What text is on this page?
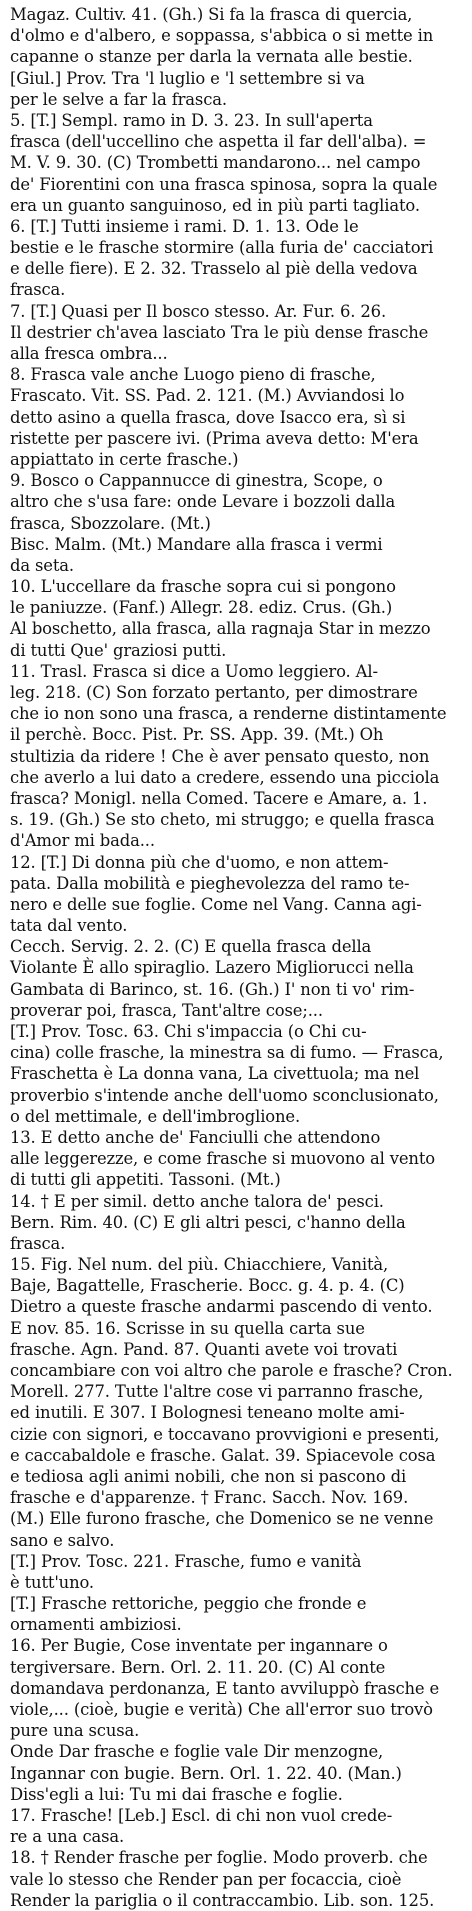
Magaz. Cultiv. 41. (Gh.) Si fa la frasca di quercia,
d'olmo e d'albero, e soppassa, s'abbica o si mette in
capanne o stanze per darla la vernata alle bestie.
[Giul.] Prov. Tra 'l luglio e 'l settembre si va
per le selve a far la frasca.
5. [T.] Sempl. ramo in D. 3. 23. In sull'aperta
frasca (dell'uccellino che aspetta il far dell'alba). =
M. V. 9. 30. (C) Trombetti mandarono... nel campo
de' Fiorentini con una frasca spinosa, sopra la quale
era un guanto sanguinoso, ed in più parti tagliato.
6. [T.] Tutti insieme i rami. D. 1. 13. Ode le
bestie e le frasche stormire (alla furia de' cacciatori
e delle fiere). E 2. 32. Trasselo al piè della vedova
frasca.
7. [T.] Quasi per Il bosco stesso. Ar. Fur. 6. 26.
Il destrier ch'avea lasciato Tra le più dense frasche
alla fresca ombra...
8. Frasca vale anche Luogo pieno di frasche,
Frascato. Vit. SS. Pad. 2. 121. (M.) Avviandosi lo
detto asino a quella frasca, dove Isacco era, sì si
ristette per pascere ivi. (Prima aveva detto: M'era
appiattato in certe frasche.)
9. Bosco o Cappannucce di ginestra, Scope, o
altro che s'usa fare: onde Levare i bozzoli dalla
frasca, Sbozzolare. (Mt.)
Bisc. Malm. (Mt.) Mandare alla frasca i vermi
da seta.
10. L'uccellare da frasche sopra cui si pongono
le paniuzze. (Fanf.) Allegr. 28. ediz. Crus. (Gh.)
Al boschetto, alla frasca, alla ragnaja Star in mezzo
di tutti Que' graziosi putti.
11. Trasl. Frasca si dice a Uomo leggiero. Al-
leg. 218. (C) Son forzato pertanto, per dimostrare
che io non sono una frasca, a renderne distintamente
il perchè. Bocc. Pist. Pr. SS. App. 39. (Mt.) Oh
stultizia da ridere ! Che è aver pensato questo, non
che averlo a lui dato a credere, essendo una picciola
frasca? Monigl. nella Comed. Tacere e Amare, a. 1.
s. 19. (Gh.) Se sto cheto, mi struggo; e quella frasca
d'Amor mi bada...
12. [T.] Di donna più che d'uomo, e non attem-
pata. Dalla mobilità e pieghevolezza del ramo te-
nero e delle sue foglie. Come nel Vang. Canna agi-
tata dal vento.
Cecch. Servig. 2. 2. (C) E quella frasca della
Violante È allo spiraglio. Lazero Migliorucci nella
Gambata di Barinco, st. 16. (Gh.) I' non ti vo' rim-
proverar poi, frasca, Tant'altre cose;...
[T.] Prov. Tosc. 63. Chi s'impaccia (o Chi cu-
cina) colle frasche, la minestra sa di fumo. — Frasca,
Fraschetta è La donna vana, La civettuola; ma nel
proverbio s'intende anche dell'uomo sconclusionato,
o del mettimale, e dell'imbroglione.
13. E detto anche de' Fanciulli che attendono
alle leggerezze, e come frasche si muovono al vento
di tutti gli appetiti. Tassoni. (Mt.)
14. † E per simil. detto anche talora de' pesci.
Bern. Rim. 40. (C) E gli altri pesci, c'hanno della
frasca.
15. Fig. Nel num. del più. Chiacchiere, Vanità,
Baje, Bagattelle, Frascherie. Bocc. g. 4. p. 4. (C)
Dietro a queste frasche andarmi pascendo di vento.
E nov. 85. 16. Scrisse in su quella carta sue
frasche. Agn. Pand. 87. Quanti avete voi trovati
concambiare con voi altro che parole e frasche? Cron.
Morell. 277. Tutte l'altre cose vi parranno frasche,
ed inutili. E 307. I Bolognesi teneano molte ami-
cizie con signori, e toccavano provvigioni e presenti,
e caccabaldole e frasche. Galat. 39. Spiacevole cosa
e tediosa agli animi nobili, che non si pascono di
frasche e d'apparenze. † Franc. Sacch. Nov. 169.
(M.) Elle furono frasche, che Domenico se ne venne
sano e salvo.
[T.] Prov. Tosc. 221. Frasche, fumo e vanità
è tutt'uno.
[T.] Frasche rettoriche, peggio che fronde e
ornamenti ambiziosi.
16. Per Bugie, Cose inventate per ingannare o
tergiversare. Bern. Orl. 2. 11. 20. (C) Al conte
domandava perdonanza, E tanto avviluppò frasche e
viole,... (cioè, bugie e verità) Che all'error suo trovò
pure una scusa.
Onde Dar frasche e foglie vale Dir menzogne,
Ingannar con bugie. Bern. Orl. 1. 22. 40. (Man.)
Diss'egli a lui: Tu mi dai frasche e foglie.
17. Frasche! [Leb.] Escl. di chi non vuol crede-
re a una casa.
18. † Render frasche per foglie. Modo proverb. che
vale lo stesso che Render pan per focaccia, cioè
Render la pariglia o il contraccambio. Lib. son. 125.
